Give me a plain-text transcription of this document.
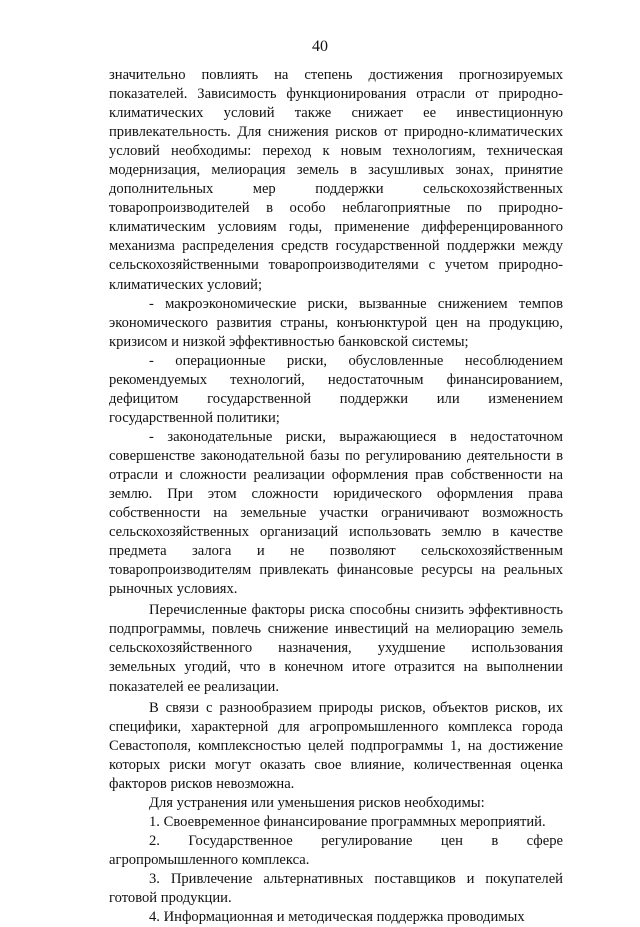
40

значительно повлиять на степень достижения прогнозируемых показателей. Зависимость функционирования отрасли от природно-климатических условий также снижает ее инвестиционную привлекательность. Для снижения рисков от природно-климатических условий необходимы: переход к новым технологиям, техническая модернизация, мелиорация земель в засушливых зонах, принятие дополнительных мер поддержки сельскохозяйственных товаропроизводителей в особо неблагоприятные по природно-климатическим условиям годы, применение дифференцированного механизма распределения средств государственной поддержки между сельскохозяйственными товаропроизводителями с учетом природно-климатических условий;

- макроэкономические риски, вызванные снижением темпов экономического развития страны, конъюнктурой цен на продукцию, кризисом и низкой эффективностью банковской системы;

- операционные риски, обусловленные несоблюдением рекомендуемых технологий, недостаточным финансированием, дефицитом государственной поддержки или изменением государственной политики;

- законодательные риски, выражающиеся в недостаточном совершенстве законодательной базы по регулированию деятельности в отрасли и сложности реализации оформления прав собственности на землю. При этом сложности юридического оформления права собственности на земельные участки ограничивают возможность сельскохозяйственных организаций использовать землю в качестве предмета залога и не позволяют сельскохозяйственным товаропроизводителям привлекать финансовые ресурсы на реальных рыночных условиях.

Перечисленные факторы риска способны снизить эффективность подпрограммы, повлечь снижение инвестиций на мелиорацию земель сельскохозяйственного назначения, ухудшение использования земельных угодий, что в конечном итоге отразится на выполнении показателей ее реализации.

В связи с разнообразием природы рисков, объектов рисков, их специфики, характерной для агропромышленного комплекса города Севастополя, комплексностью целей подпрограммы 1, на достижение которых риски могут оказать свое влияние, количественная оценка факторов рисков невозможна.

Для устранения или уменьшения рисков необходимы:

1. Своевременное финансирование программных мероприятий.

2. Государственное регулирование цен в сфере агропромышленного комплекса.

3. Привлечение альтернативных поставщиков и покупателей готовой продукции.

4. Информационная и методическая поддержка проводимых
